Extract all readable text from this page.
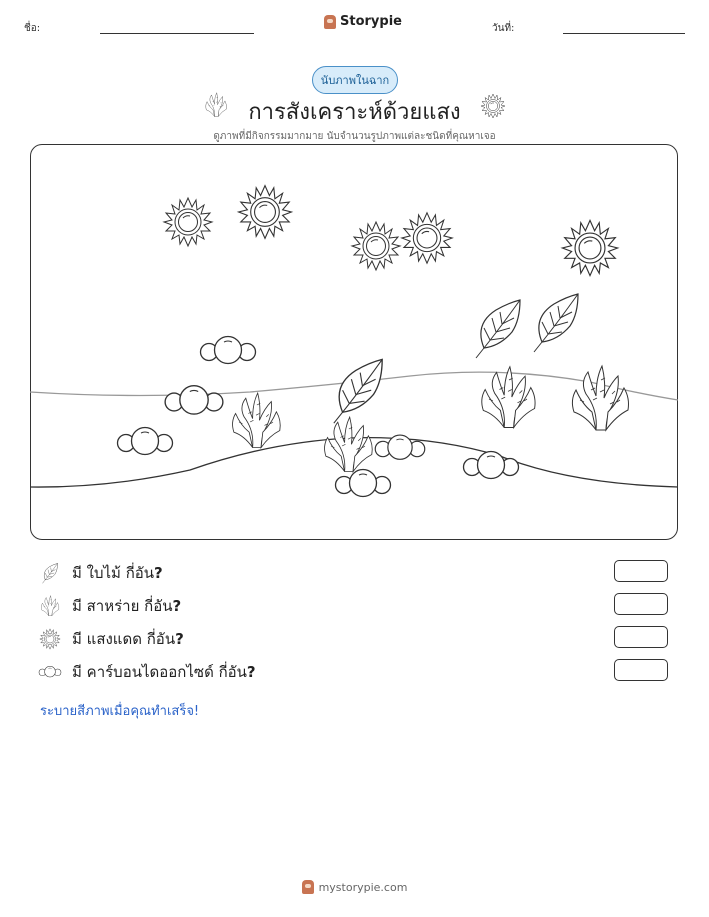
ชื่อ:	Storypie	วันที่:
นับภาพในฉาก
การสังเคราะห์ด้วยแสง
ดูภาพที่มีกิจกรรมมากมาย นับจำนวนรูปภาพแต่ละชนิดที่คุณหาเจอ
มี ใบไม้ กี่อัน?
มี สาหร่าย กี่อัน?
มี แสงแดด กี่อัน?
มี คาร์บอนไดออกไซด์ กี่อัน?
ระบายสีภาพเมื่อคุณทำเสร็จ!
mystorypie.com
